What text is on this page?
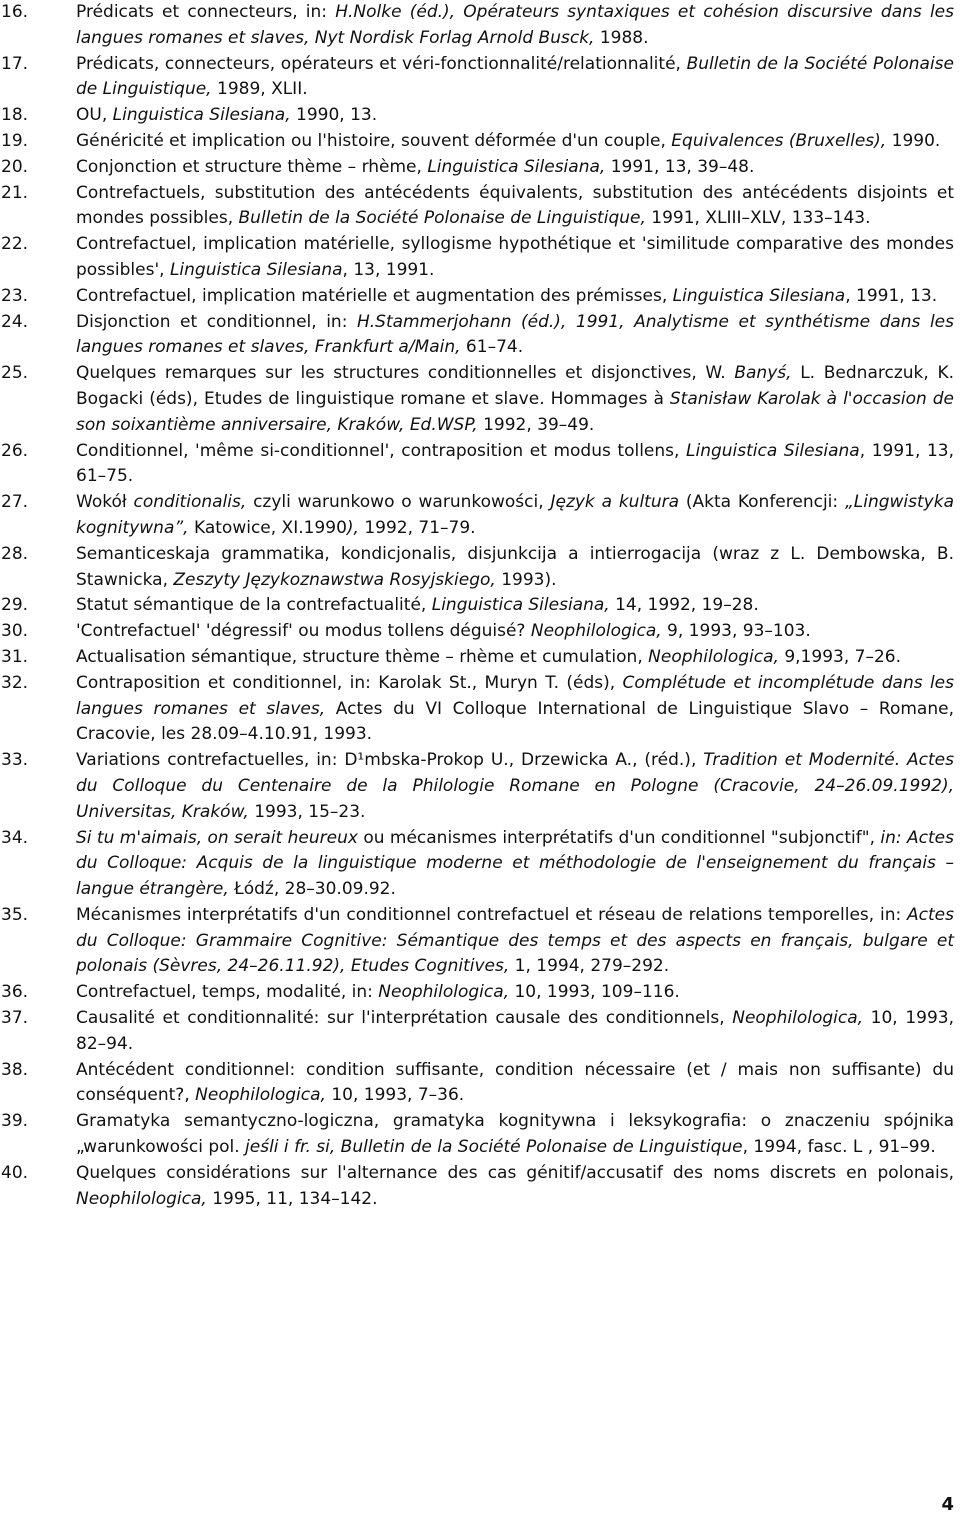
16.	Prédicats et connecteurs, in: H.Nolke (éd.), Opérateurs syntaxiques et cohésion discursive dans les langues romanes et slaves, Nyt Nordisk Forlag Arnold Busck, 1988.
17.	Prédicats, connecteurs, opérateurs et véri-fonctionnalité/relationnalité, Bulletin de la Société Polonaise de Linguistique, 1989, XLII.
18.	OU, Linguistica Silesiana, 1990, 13.
19.	Généricité et implication ou l'histoire, souvent déformée d'un couple, Equivalences (Bruxelles), 1990.
20.	Conjonction et structure thème – rhème, Linguistica Silesiana, 1991, 13, 39–48.
21.	Contrefactuels, substitution des antécédents équivalents, substitution des antécédents disjoints et mondes possibles, Bulletin de la Société Polonaise de Linguistique, 1991, XLIII–XLV, 133–143.
22.	Contrefactuel, implication matérielle, syllogisme hypothétique et 'similitude comparative des mondes possibles', Linguistica Silesiana, 13, 1991.
23.	Contrefactuel, implication matérielle et augmentation des prémisses, Linguistica Silesiana, 1991, 13.
24.	Disjonction et conditionnel, in: H.Stammerjohann (éd.), 1991, Analytisme et synthétisme dans les langues romanes et slaves, Frankfurt a/Main, 61–74.
25.	Quelques remarques sur les structures conditionnelles et disjonctives, W. Banyś, L. Bednarczuk, K. Bogacki (éds), Etudes de linguistique romane et slave. Hommages à Stanisław Karolak à l'occasion de son soixantième anniversaire, Kraków, Ed.WSP, 1992, 39–49.
26.	Conditionnel, 'même si-conditionnel', contraposition et modus tollens, Linguistica Silesiana, 1991, 13, 61–75.
27.	Wokół conditionalis, czyli warunkowo o warunkowości, Język a kultura (Akta Konferencji: „Lingwistyka kognitywna”, Katowice, XI.1990), 1992, 71–79.
28.	Semanticeskaja grammatika, kondicjonalis, disjunkcija a intierrogacija (wraz z L. Dembowska, B. Stawnicka, Zeszyty Językoznawstwa Rosyjskiego, 1993).
29.	Statut sémantique de la contrefactualité, Linguistica Silesiana, 14, 1992, 19–28.
30.	'Contrefactuel' 'dégressif' ou modus tollens déguisé? Neophilologica, 9, 1993, 93–103.
31.	Actualisation sémantique, structure thème – rhème et cumulation, Neophilologica, 9,1993, 7–26.
32.	Contraposition et conditionnel, in: Karolak St., Muryn T. (éds), Complétude et incomplétude dans les langues romanes et slaves, Actes du VI Colloque International de Linguistique Slavo – Romane, Cracovie, les 28.09–4.10.91, 1993.
33.	Variations contrefactuelles, in: D¹mbska-Prokop U., Drzewicka A., (réd.), Tradition et Modernité. Actes du Colloque du Centenaire de la Philologie Romane en Pologne (Cracovie, 24–26.09.1992), Universitas, Kraków, 1993, 15–23.
34.	Si tu m'aimais, on serait heureux ou mécanismes interprétatifs d'un conditionnel "subjonctif", in: Actes du Colloque: Acquis de la linguistique moderne et méthodologie de l'enseignement du français – langue étrangère, Łódź, 28–30.09.92.
35.	Mécanismes interprétatifs d'un conditionnel contrefactuel et réseau de relations temporelles, in: Actes du Colloque: Grammaire Cognitive: Sémantique des temps et des aspects en français, bulgare et polonais (Sèvres, 24–26.11.92), Etudes Cognitives, 1, 1994, 279–292.
36.	Contrefactuel, temps, modalité, in: Neophilologica, 10, 1993, 109–116.
37.	Causalité et conditionnalité: sur l'interprétation causale des conditionnels, Neophilologica, 10, 1993, 82–94.
38.	Antécédent conditionnel: condition suffisante, condition nécessaire (et / mais non suffisante) du conséquent?, Neophilologica, 10, 1993, 7–36.
39.	Gramatyka semantyczno-logiczna, gramatyka kognitywna i leksykografia: o znaczeniu spójnika „warunkowości pol. jeśli i fr. si, Bulletin de la Société Polonaise de Linguistique, 1994, fasc. L , 91–99.
40.	Quelques considérations sur l'alternance des cas génitif/accusatif des noms discrets en polonais, Neophilologica, 1995, 11, 134–142.
4
